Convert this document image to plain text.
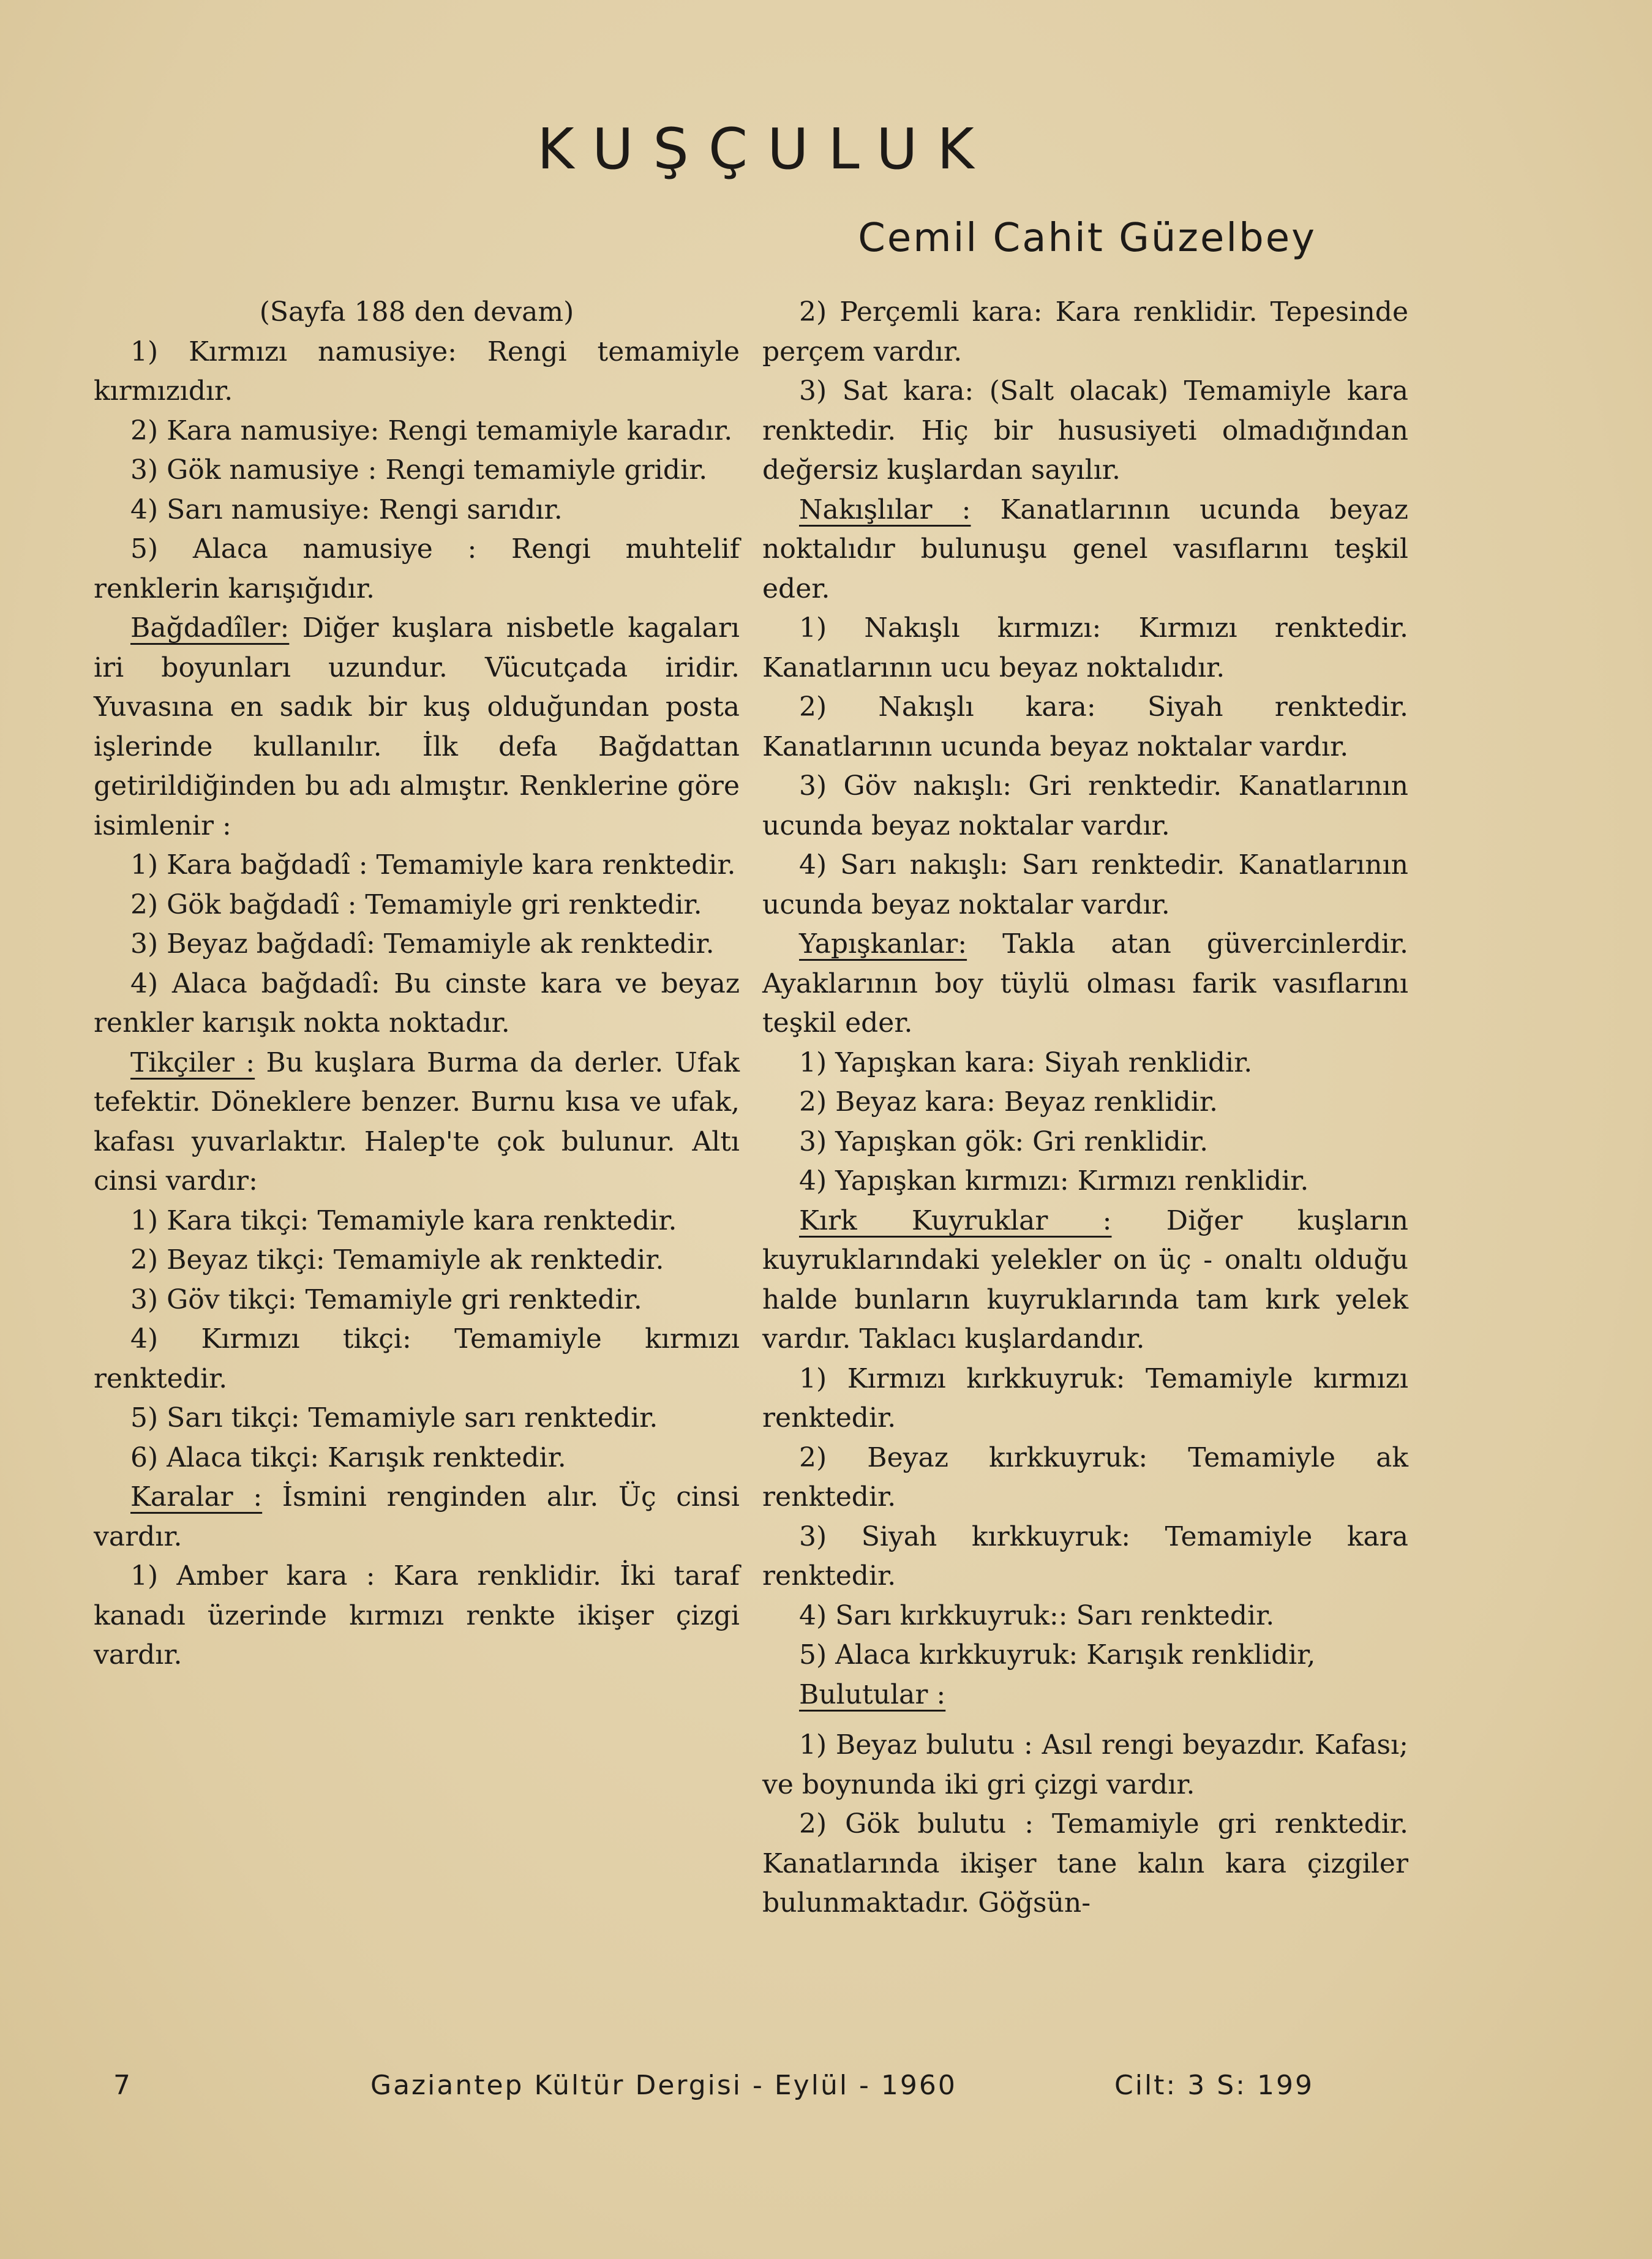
KUŞÇULUK
Cemil Cahit Güzelbey

(Sayfa 188 den devam)

1) Kırmızı namusiye: Rengi temamiyle kırmızıdır.

2) Kara namusiye: Rengi temamiyle karadır.

3) Gök namusiye : Rengi temamiyle gridir.

4) Sarı namusiye: Rengi sarıdır.

5) Alaca namusiye : Rengi muhtelif renklerin karışığıdır.

Bağdadîler: Diğer kuşlara nisbetle kagaları iri boyunları uzundur. Vücutçada iridir. Yuvasına en sadık bir kuş olduğundan posta işlerinde kullanılır. İlk defa Bağdattan getirildiğinden bu adı almıştır. Renklerine göre isimlenir :

1) Kara bağdadî : Temamiyle kara renktedir.

2) Gök bağdadî : Temamiyle gri renktedir.

3) Beyaz bağdadî: Temamiyle ak renktedir.

4) Alaca bağdadî: Bu cinste kara ve beyaz renkler karışık nokta noktadır.

Tikçiler : Bu kuşlara Burma da derler. Ufak tefektir. Döneklere benzer. Burnu kısa ve ufak, kafası yuvarlaktır. Halep'te çok bulunur. Altı cinsi vardır:

1) Kara tikçi: Temamiyle kara renktedir.

2) Beyaz tikçi: Temamiyle ak renktedir.

3) Göv tikçi: Temamiyle gri renktedir.

4) Kırmızı tikçi: Temamiyle kırmızı renktedir.

5) Sarı tikçi: Temamiyle sarı renktedir.

6) Alaca tikçi: Karışık renktedir.

Karalar : İsmini renginden alır. Üç cinsi vardır.

1) Amber kara : Kara renklidir. İki taraf kanadı üzerinde kırmızı renkte ikişer çizgi vardır.

2) Perçemli kara: Kara renklidir. Tepesinde perçem vardır.

3) Sat kara: (Salt olacak) Temamiyle kara renktedir. Hiç bir hususiyeti olmadığından değersiz kuşlardan sayılır.

Nakışlılar : Kanatlarının ucunda beyaz noktalıdır bulunuşu genel vasıflarını teşkil eder.

1) Nakışlı kırmızı: Kırmızı renktedir. Kanatlarının ucu beyaz noktalıdır.

2) Nakışlı kara: Siyah renktedir. Kanatlarının ucunda beyaz noktalar vardır.

3) Göv nakışlı: Gri renktedir. Kanatlarının ucunda beyaz noktalar vardır.

4) Sarı nakışlı: Sarı renktedir. Kanatlarının ucunda beyaz noktalar vardır.

Yapışkanlar: Takla atan güvercinlerdir. Ayaklarının boy tüylü olması farik vasıflarını teşkil eder.

1) Yapışkan kara: Siyah renklidir.

2) Beyaz kara: Beyaz renklidir.

3) Yapışkan gök: Gri renklidir.

4) Yapışkan kırmızı: Kırmızı renklidir.

Kırk Kuyruklar : Diğer kuşların kuyruklarındaki yelekler on üç - onaltı olduğu halde bunların kuyruklarında tam kırk yelek vardır. Taklacı kuşlardandır.

1) Kırmızı kırkkuyruk: Temamiyle kırmızı renktedir.

2) Beyaz kırkkuyruk: Temamiyle ak renktedir.

3) Siyah kırkkuyruk: Temamiyle kara renktedir.

4) Sarı kırkkuyruk:: Sarı renktedir.

5) Alaca kırkkuyruk: Karışık renklidir,

Bulutular :

1) Beyaz bulutu : Asıl rengi beyazdır. Kafası; ve boynunda iki gri çizgi vardır.

2) Gök bulutu : Temamiyle gri renktedir. Kanatlarında ikişer tane kalın kara çizgiler bulunmaktadır. Göğsün-

7	Gaziantep Kültür Dergisi - Eylül - 1960	Cilt: 3 S: 199
